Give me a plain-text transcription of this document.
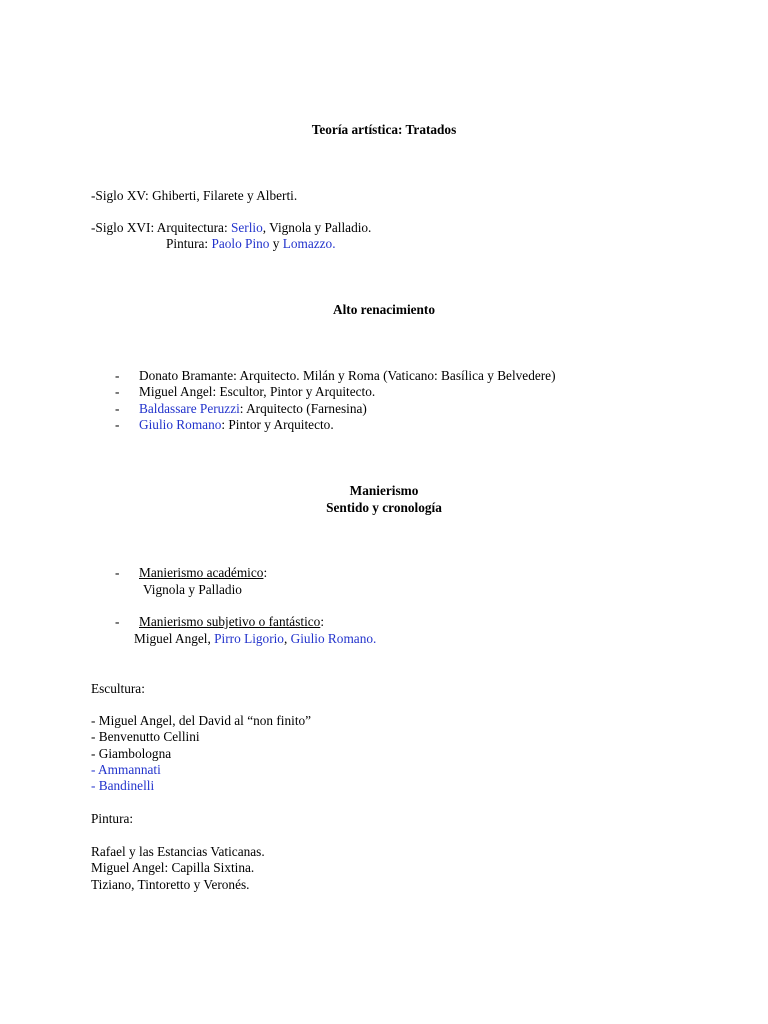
Teoría artística: Tratados
-Siglo XV: Ghiberti, Filarete y Alberti.
-Siglo XVI: Arquitectura: Serlio, Vignola y Palladio.
Pintura: Paolo Pino y Lomazzo.
Alto renacimiento
- Donato Bramante: Arquitecto. Milán y Roma (Vaticano: Basílica y Belvedere)
- Miguel Angel: Escultor, Pintor y Arquitecto.
- Baldassare Peruzzi: Arquitecto (Farnesina)
- Giulio Romano: Pintor y Arquitecto.
Manierismo
Sentido y cronología
- Manierismo académico:
Vignola y Palladio
- Manierismo subjetivo o fantástico:
Miguel Angel, Pirro Ligorio, Giulio Romano.
Escultura:
- Miguel Angel, del David al “non finito”
- Benvenutto Cellini
- Giambologna
- Ammannati
- Bandinelli
Pintura:
Rafael y las Estancias Vaticanas.
Miguel Angel: Capilla Sixtina.
Tiziano, Tintoretto y Veronés.
